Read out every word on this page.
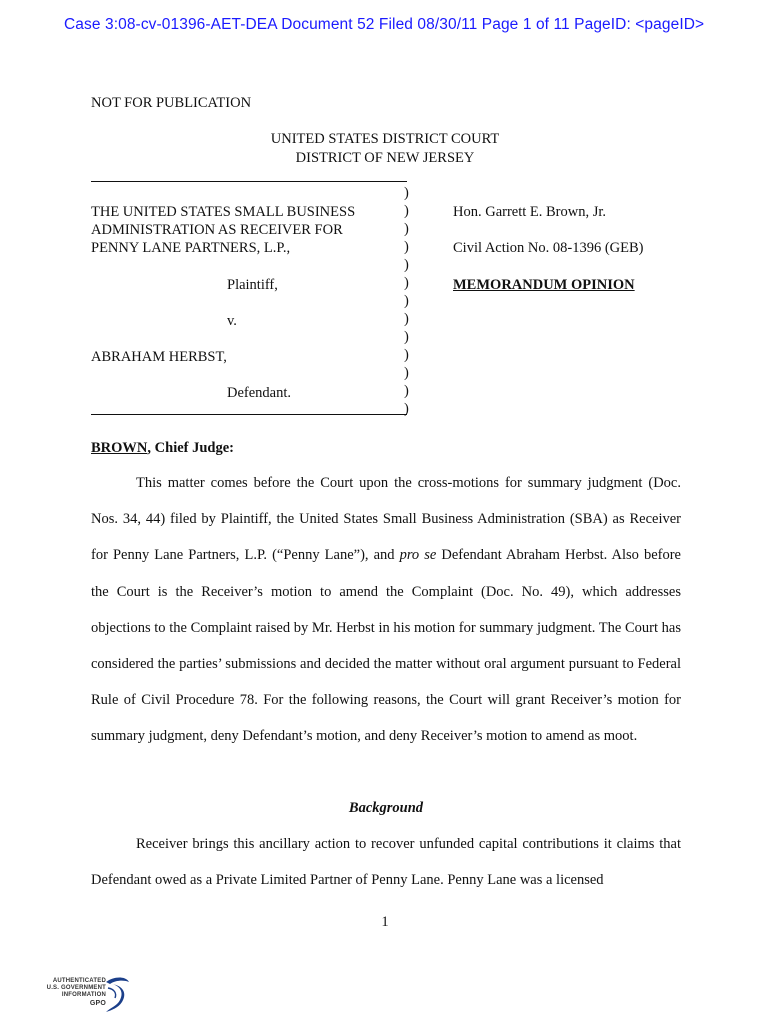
Case 3:08-cv-01396-AET-DEA Document 52 Filed 08/30/11 Page 1 of 11 PageID: <pageID>
NOT FOR PUBLICATION
UNITED STATES DISTRICT COURT
DISTRICT OF NEW JERSEY
)
)
)
)
)
)
)
)
)
)
)
)
)
THE UNITED STATES SMALL BUSINESS
ADMINISTRATION AS RECEIVER FOR
PENNY LANE PARTNERS, L.P.,
Plaintiff,
v.
ABRAHAM HERBST,
Defendant.
Hon. Garrett E. Brown, Jr.
Civil Action No. 08-1396 (GEB)
MEMORANDUM OPINION
BROWN, Chief Judge:
This matter comes before the Court upon the cross-motions for summary judgment (Doc. Nos. 34, 44) filed by Plaintiff, the United States Small Business Administration (SBA) as Receiver for Penny Lane Partners, L.P. (“Penny Lane”), and pro se Defendant Abraham Herbst. Also before the Court is the Receiver’s motion to amend the Complaint (Doc. No. 49), which addresses objections to the Complaint raised by Mr. Herbst in his motion for summary judgment. The Court has considered the parties’ submissions and decided the matter without oral argument pursuant to Federal Rule of Civil Procedure 78. For the following reasons, the Court will grant Receiver’s motion for summary judgment, deny Defendant’s motion, and deny Receiver’s motion to amend as moot.
Background
Receiver brings this ancillary action to recover unfunded capital contributions it claims that Defendant owed as a Private Limited Partner of Penny Lane. Penny Lane was a licensed
1
AUTHENTICATED
U.S. GOVERNMENT
INFORMATION
GPO
